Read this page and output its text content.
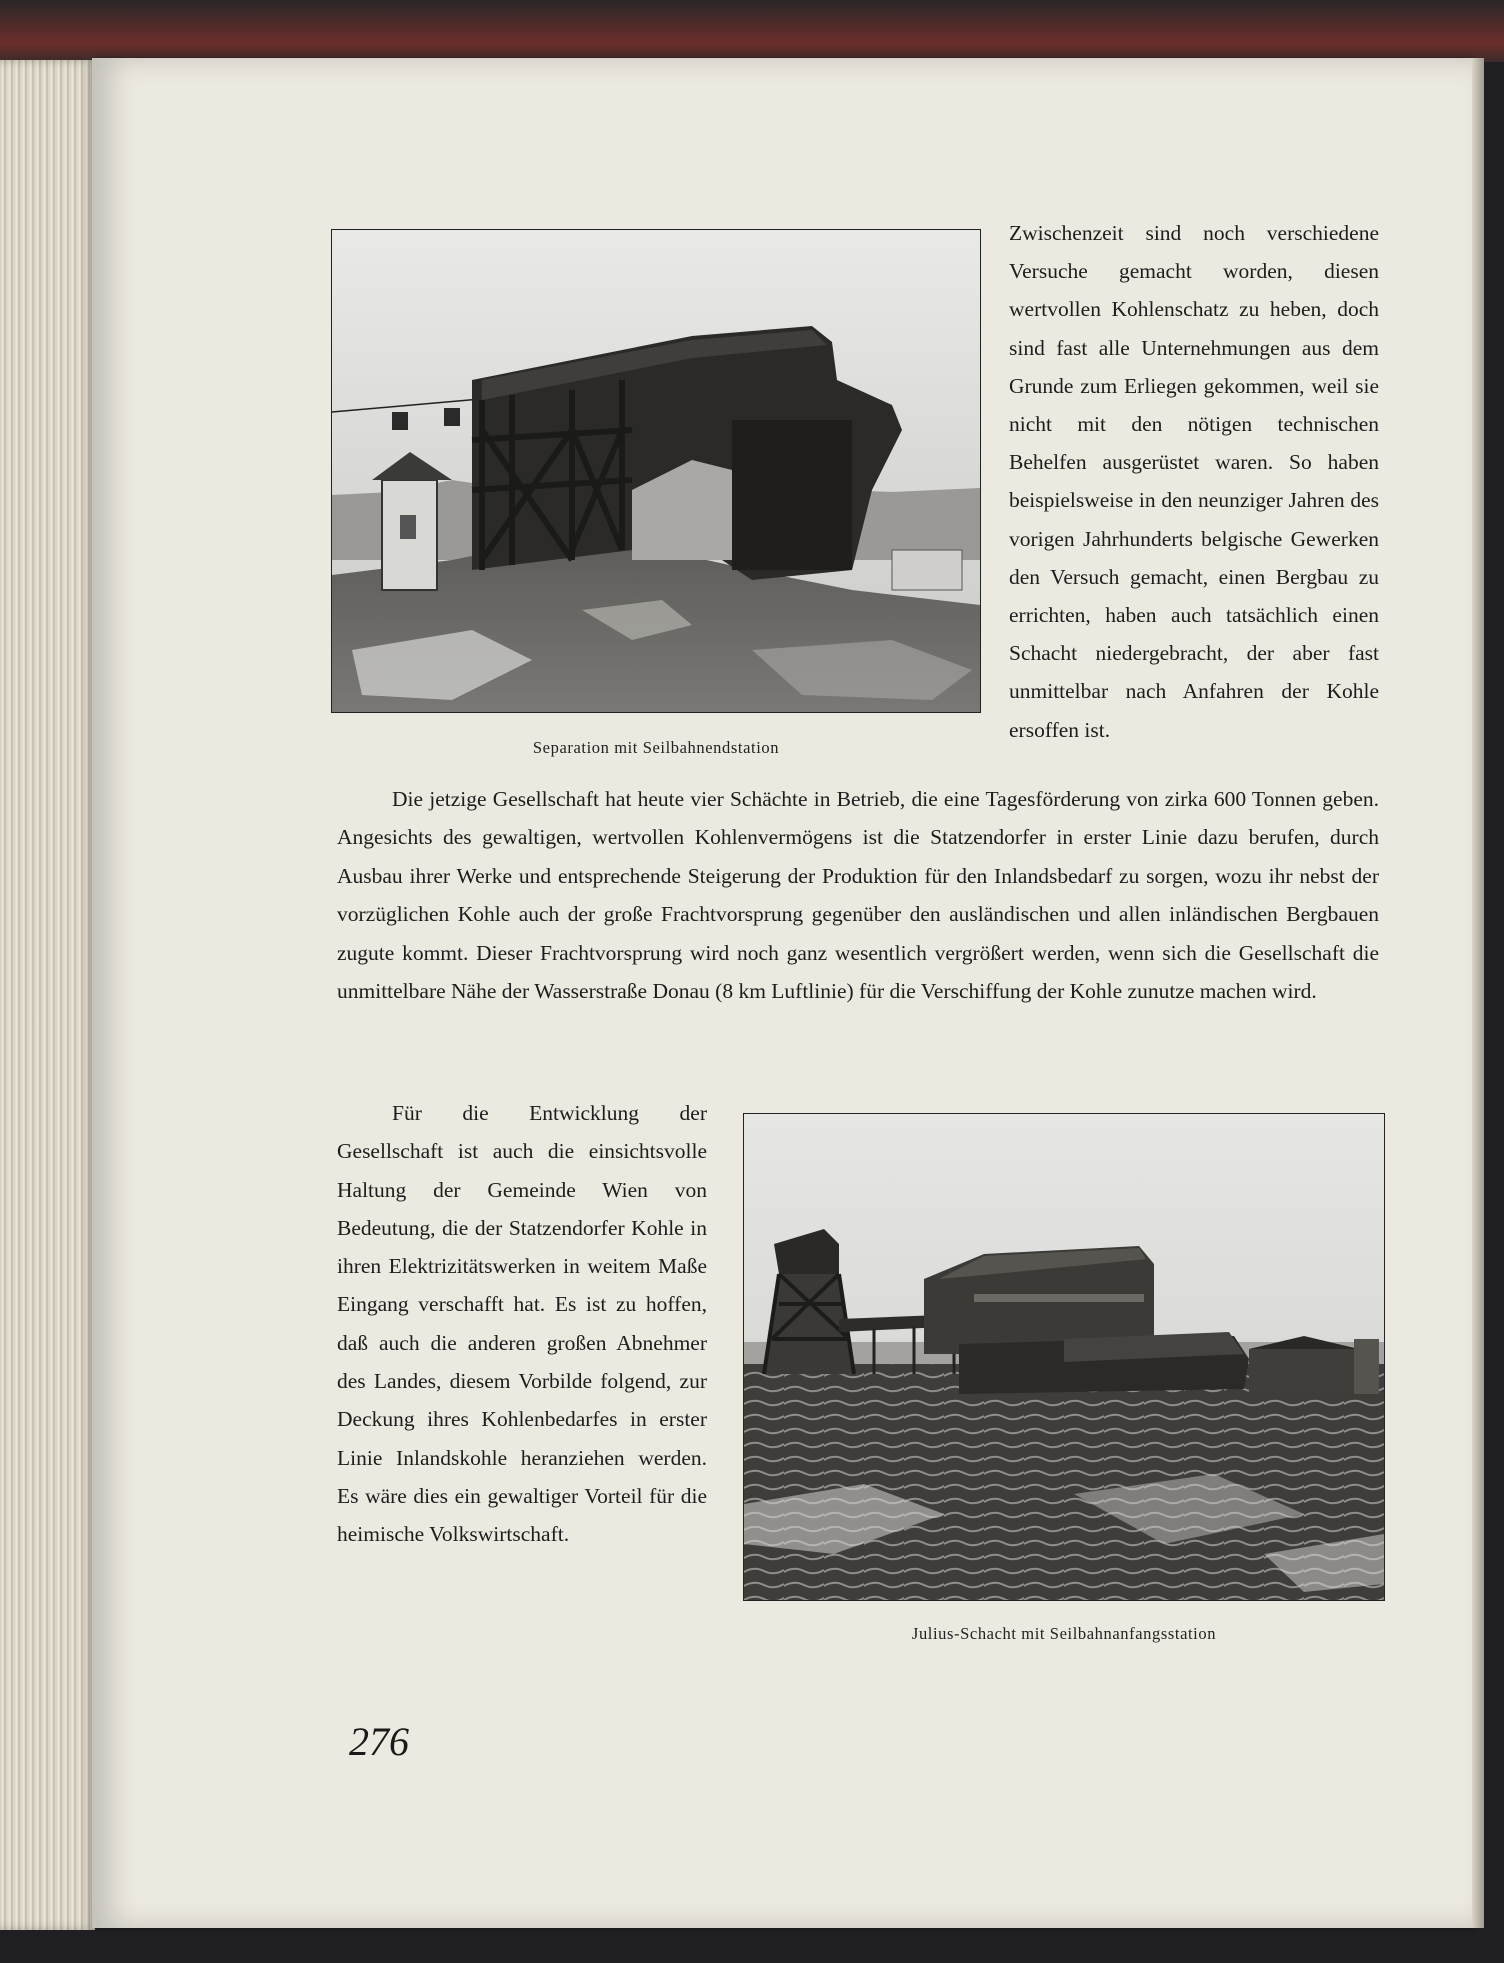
Separation mit Seilbahnendstation

Zwischenzeit sind noch verschiedene Versuche gemacht worden, diesen wertvollen Kohlenschatz zu heben, doch sind fast alle Unternehmungen aus dem Grunde zum Erliegen gekommen, weil sie nicht mit den nötigen technischen Behelfen ausgerüstet waren. So haben beispielsweise in den neunziger Jahren des vorigen Jahrhunderts belgische Gewerken den Versuch gemacht, einen Bergbau zu errichten, haben auch tatsächlich einen Schacht niedergebracht, der aber fast unmittelbar nach Anfahren der Kohle ersoffen ist.

Die jetzige Gesellschaft hat heute vier Schächte in Betrieb, die eine Tagesförderung von zirka 600 Tonnen geben. Angesichts des gewaltigen, wertvollen Kohlenvermögens ist die Statzendorfer in erster Linie dazu berufen, durch Ausbau ihrer Werke und entsprechende Steigerung der Produktion für den Inlandsbedarf zu sorgen, wozu ihr nebst der vorzüglichen Kohle auch der große Frachtvorsprung gegenüber den ausländischen und allen inländischen Bergbauen zugute kommt. Dieser Frachtvorsprung wird noch ganz wesentlich vergrößert werden, wenn sich die Gesellschaft die unmittelbare Nähe der Wasserstraße Donau (8 km Luftlinie) für die Verschiffung der Kohle zunutze machen wird.

Für die Entwicklung der Gesellschaft ist auch die einsichtsvolle Haltung der Gemeinde Wien von Bedeutung, die der Statzendorfer Kohle in ihren Elektrizitätswerken in weitem Maße Eingang verschafft hat. Es ist zu hoffen, daß auch die anderen großen Abnehmer des Landes, diesem Vorbilde folgend, zur Deckung ihres Kohlenbedarfes in erster Linie Inlandskohle heranziehen werden. Es wäre dies ein gewaltiger Vorteil für die heimische Volkswirtschaft.

Julius-Schacht mit Seilbahnanfangsstation

276
